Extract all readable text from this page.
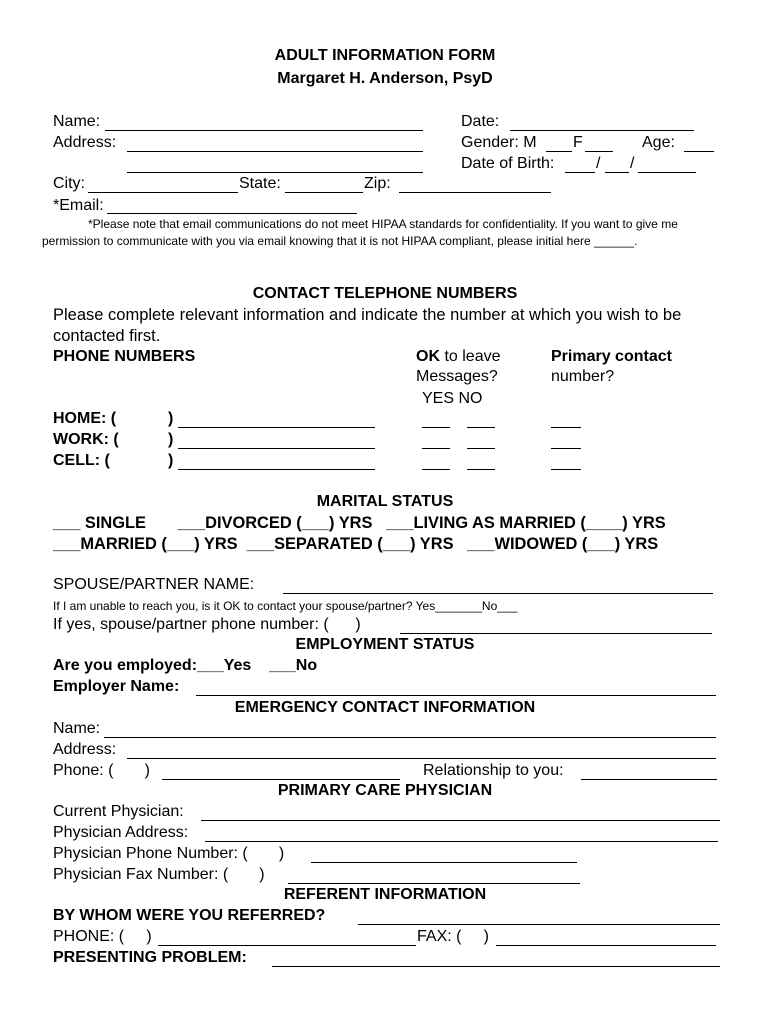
ADULT INFORMATION FORM
Margaret H. Anderson, PsyD
Name:
Address:
City:	State:	Zip:
*Email:
Date:
Gender: M F	Age:
Date of Birth:	/ /
*Please note that email communications do not meet HIPAA standards for confidentiality. If you want to give me permission to communicate with you via email knowing that it is not HIPAA compliant, please initial here ______.
CONTACT TELEPHONE NUMBERS
Please complete relevant information and indicate the number at which you wish to be contacted first.
PHONE NUMBERS	OK to leave
Messages?
YES NO
Primary contact
number?
HOME: (	)
WORK: (	)
CELL: (	)
MARITAL STATUS
___ SINGLE       ___DIVORCED (___) YRS   ___LIVING AS MARRIED (____) YRS
___MARRIED (___) YRS  ___SEPARATED (___) YRS   ___WIDOWED (___) YRS
SPOUSE/PARTNER NAME:
If I am unable to reach you, is it OK to contact your spouse/partner? Yes_______No___
If yes, spouse/partner phone number: (      )
EMPLOYMENT STATUS
Are you employed:___Yes    ___No
Employer Name:
EMERGENCY CONTACT INFORMATION
Name:
Address:
Phone: (       )	Relationship to you:
PRIMARY CARE PHYSICIAN
Current Physician:
Physician Address:
Physician Phone Number: (       )
Physician Fax Number: (       )
REFERENT INFORMATION
BY WHOM WERE YOU REFERRED?
PHONE: (     )	FAX: (     )
PRESENTING PROBLEM:
